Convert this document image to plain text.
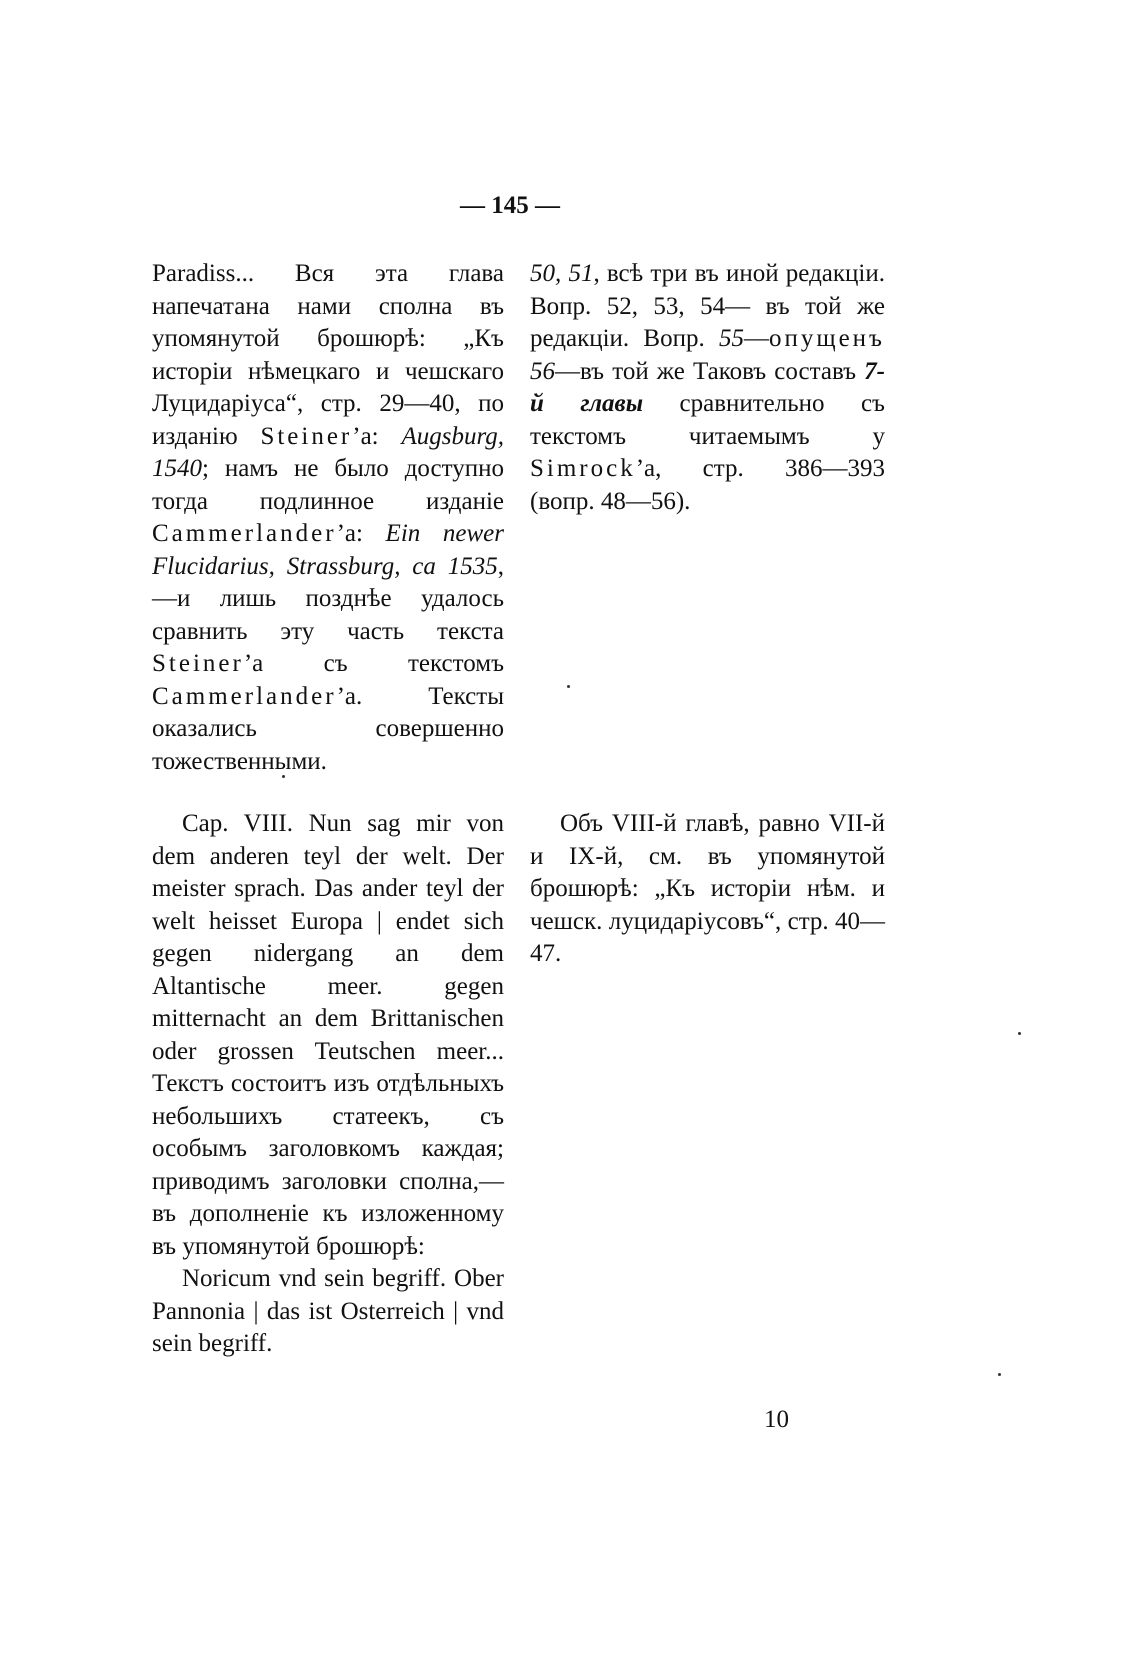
— 145 —

Paradiss... Вся эта глава напечатана нами сполна въ упомянутой брошюрѣ: „Къ исторіи нѣмецкаго и чешскаго Луцидаріуса“, стр. 29—40, по изданію Steiner’а: Augsburg, 1540; намъ не было доступно тогда подлинное изданіе Cammerlander’а: Ein newer Flucidarius, Strassburg, ca 1535,—и лишь позднѣе удалось сравнить эту часть текста Steiner’а съ текстомъ Cammerlander’а. Тексты оказались совершенно тожественными.

50, 51, всѣ три въ иной редакціи. Вопр. 52, 53, 54— въ той же редакціи. Вопр. 55—опущенъ 56—въ той же Таковъ составъ 7-й главы сравнительно съ текстомъ читаемымъ у Simrock’а, стр. 386—393 (вопр. 48—56).

Cap. VIII. Nun sag mir von dem anderen teyl der welt. Der meister sprach. Das ander teyl der welt heisset Europa | endet sich gegen nidergang an dem Altantische meer. gegen mitternacht an dem Brittanischen oder grossen Teutschen meer... Текстъ состоитъ изъ отдѣльныхъ небольшихъ статеекъ, съ особымъ заголовкомъ каждая; приводимъ заголовки сполна,— въ дополненіе къ изложенному въ упомянутой брошюрѣ:

Noricum vnd sein begriff. Ober Pannonia | das ist Osterreich | vnd sein begriff.

Объ VIII-й главѣ, равно VII-й и IX-й, см. въ упомянутой брошюрѣ: „Къ исторіи нѣм. и чешск. луцидаріусовъ“, стр. 40—47.

10
